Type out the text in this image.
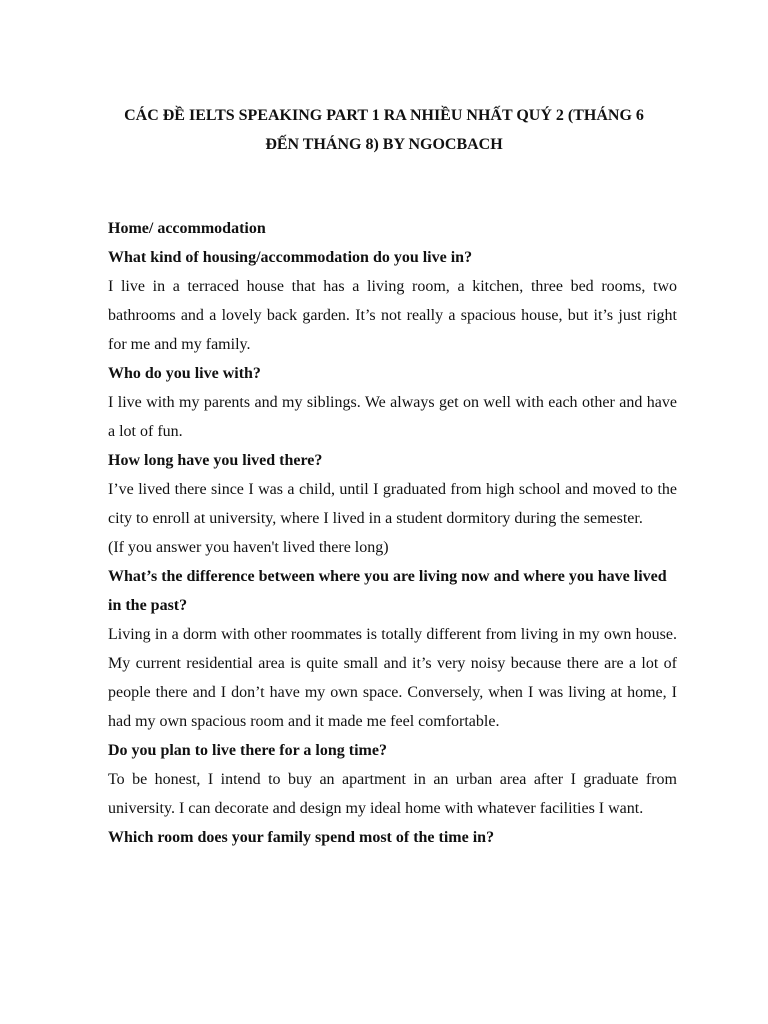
CÁC ĐỀ IELTS SPEAKING PART 1 RA NHIỀU NHẤT QUÝ 2 (THÁNG 6
ĐẾN THÁNG 8) BY NGOCBACH

Home/ accommodation

What kind of housing/accommodation do you live in?

I live in a terraced house that has a living room, a kitchen, three bed rooms, two bathrooms and a lovely back garden. It’s not really a spacious house, but it’s just right for me and my family.

Who do you live with?

I live with my parents and my siblings. We always get on well with each other and have a lot of fun.

How long have you lived there?

I’ve lived there since I was a child, until I graduated from high school and moved to the city to enroll at university, where I lived in a student dormitory during the semester.

(If you answer you haven't lived there long)

What’s the difference between where you are living now and where you have lived in the past?

Living in a dorm with other roommates is totally different from living in my own house. My current residential area is quite small and it’s very noisy because there are a lot of people there and I don’t have my own space. Conversely, when I was living at home, I had my own spacious room and it made me feel comfortable.

Do you plan to live there for a long time?

To be honest, I intend to buy an apartment in an urban area after I graduate from university. I can decorate and design my ideal home with whatever facilities I want.

Which room does your family spend most of the time in?
